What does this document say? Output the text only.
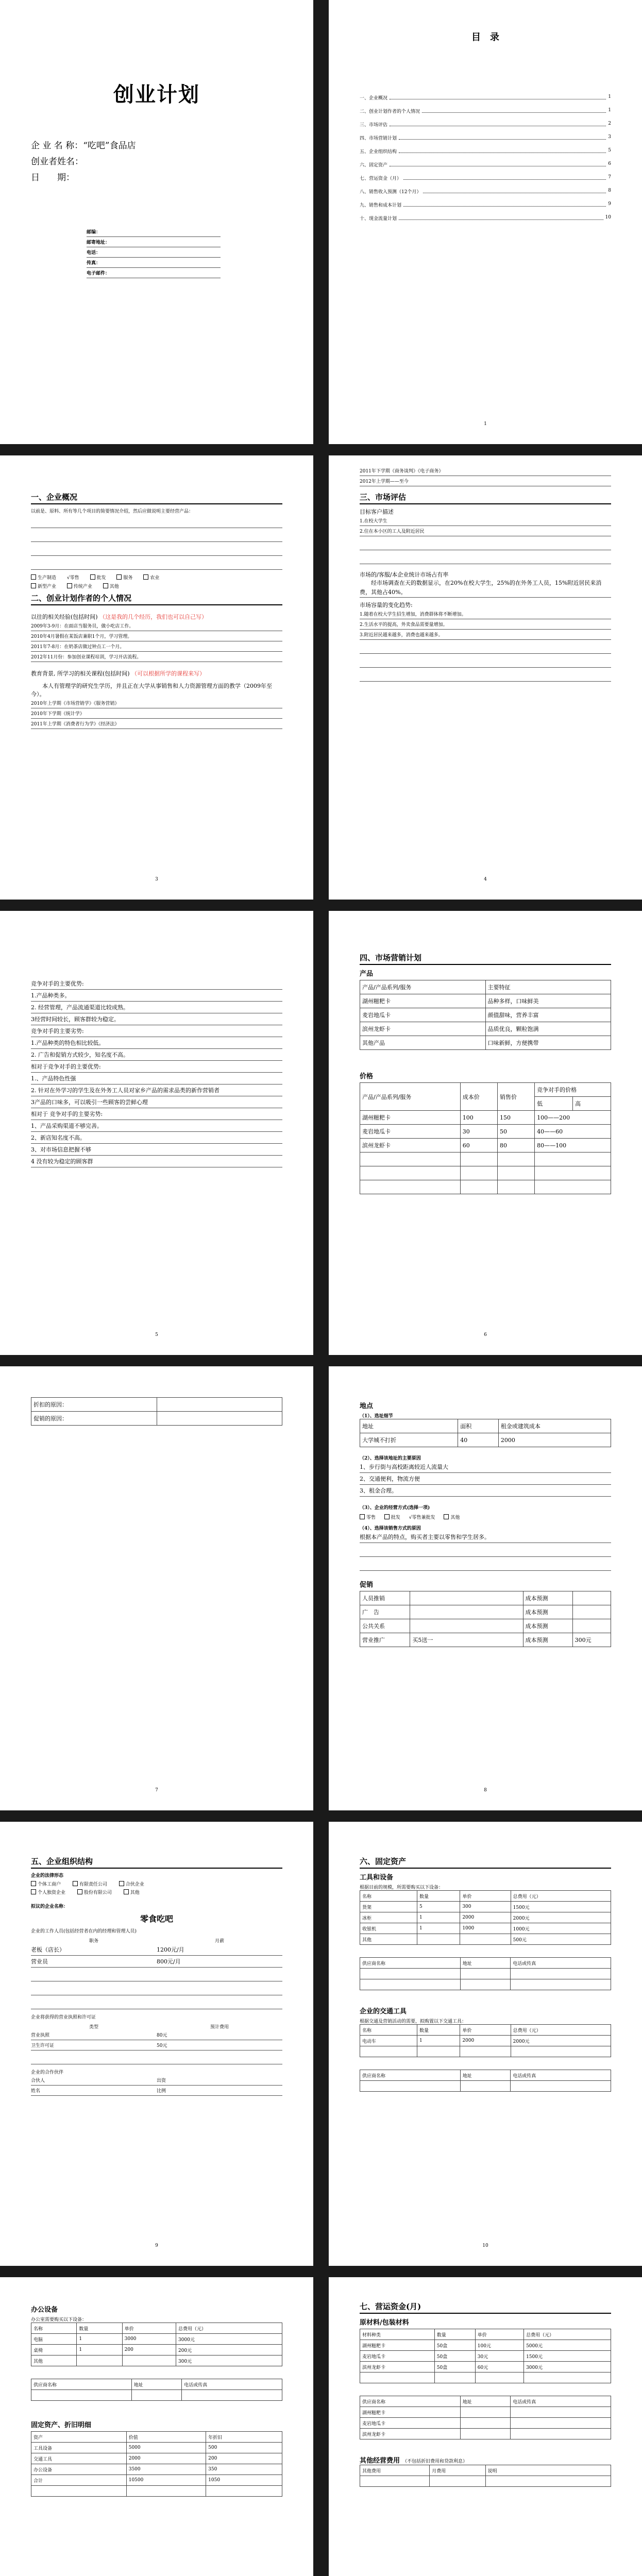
创业计划
企 业 名 称：“吃吧”食品店
创业者姓名：
日　　期：
邮编：
邮寄地址：
电话：
传真：
电子邮件：
目　录
一、企业概况	1
二、创业计划作者的个人情况	1
三、市场评估	2
四、市场营销计划	3
五、企业组织结构	5
六、固定资产	6
七、营运资金（月）	7
八、销售收入预测（12个月）	8
九、销售和成本计划	9
十、现金流量计划	10
1
一、企业概况
以前是、原料、所有等几个项目的简要情况介绍，然后应做说明主要经营产品：
生产制造 √零售	批发	服务	农业
新型产业	传统产业	其他
二、创业计划作者的个人情况
以往的相关经验(包括时间) （这是我的几个经历，我们也可以自己写）
2009年3-9月：在面店当服务员，做小吃店工作。
2010年4月暑假在某饭店兼职1个月，学习管理。
2011年7-8月：在奶茶店做过钟点工一个月。
2012年11月份：参加创业课程培训，学习开店流程。
教育背景, 所学习的相关课程(包括时间) （可以根据所学的课程来写）
本人有管理学的研究生学历，并且正在大学从事销售和人力资源管理方面的教学（2009年至今）。
2010年上学期《市场营销学》《服务营销》
2010年下学期《统计学》
2011年上学期《消费者行为学》《经济法》
3
2011年下学期《商务谈判》《电子商务》
2012年上学期——至今
三、市场评估
目标客户描述
1.在校大学生
2.住在本小区的工人及附近居民
市场的/客服/本企业统计市场占有率
经市场调查在天的数据显示，在20%在校大学生，25%的在外务工人员，15%附近居民来消费，其他占40%。
市场容量的变化趋势:
1.随着在校大学生招生增加，消费群体将不断增加。
2.生活水平的提高，外卖食品需要量增加。
3.附近居民越来越多，消费也越来越多。
4
竞争对手的主要优势:
1.产品种类多。
2. 经营管理，产品流通渠道比较成熟。
3经营时间较长，顾客群较为稳定。
竞争对手的主要劣势:
1.产品种类的特色相比较低。
2. 广告和促销方式较少，知名度不高。
相对于竞争对手的主要优势:
1.、产品特色性强
2. 针对在外学习的学生及在外务工人员对家乡产品的需求品类的新作营销者
3产品的口味多，可以吸引一些顾客的尝鲜心理
相对于 竞争对手的主要劣势:
1、产品采购渠道不够完善。
2、新店知名度不高。
3、对市场信息把握不够
4 没有较为稳定的顾客群
5
四、市场营销计划
产品
产品/产品系列/服务	主要特征
湖州糍粑卡	品种多样，口味鲜美
麦岩地瓜卡	颜值甜味，营养丰富
滨州龙虾卡	品质优良，颗粒饱满
其他产品	口味新鲜，方便携带
价格
产品/产品系列/服务	成本价	销售价	竞争对手的价格	
			低	高
湖州糍粑卡	100	150	100——200	
麦岩地瓜卡	30	50	40——60	
滨州龙虾卡	60	80	80——100	

6
折扣的原因：	
促销的原因：	
7
地点
（1）、选址细节
地址	面积	租金或建筑成本
大学城不打折	40	2000
（2）、选择该地址的主要原因
1、步行街与高校距离较近人流量大
2、交通便利，物流方便
3、租金合理。
（3）、企业的经营方式(选择一项)
零售	批发 √零售兼批发	其他
（4）、选择该销售方式的原因
根据本产品的特点，购买者主要以零售和学生居多。
促销
人员推销		成本预测	
广　告		成本预测	
公共关系		成本预测	
营业推广	买5送一	成本预测	300元
8
五、企业组织结构
企业的法律形态
个体工商户	有限责任公司	合伙企业
个人独资企业	股份有限公司	其他
拟议的企业名称：
零食吃吧
企业的工作人员(包括经营者在内的经理和管理人员)
职务	月薪
老板（店长）	1200元/月
营业员	800元/月
企业将获得的营业执照和许可证
类型	预计费用
营业执照	80元
卫生许可证	50元
企业的合作伙伴
合伙人	出资
姓名	比例
9
六、固定资产
工具和设备
根据目前的规模，所需要购买以下设备：
名称	数量	单价	总费用（元）
货架	5	300	1500元
冰柜	1	2000	2000元
收银机	1	1000	1000元
其他			500元
供应商名称	地址	电话或传真

企业的交通工具
根据交通及营销活动的需要，拟购置以下交通工具：
名称	数量	单价	总费用（元）
电动车	1	2000	2000元

供应商名称	地址	电话或传真

10
办公设备
办公室需要购买以下设备：
名称	数量	单价	总费用（元）
电脑	1	3000	3000元
桌椅	1	200	200元
其他			300元
供应商名称	地址	电话或传真

固定资产、折旧明细
资产	价值	年折旧
工具设备	5000	500
交通工具	2000	200
办公设备	3500	350
合计	10500	1050

七、营运资金(月)
原材料/包装材料
材料种类	数量	单价	总费用（元）
湖州糍粑卡	50盒	100元	5000元
麦岩地瓜卡	50盒	30元	1500元
滨州龙虾卡	50盒	60元	3000元

供应商名称	地址	电话或传真
湖州糍粑卡		
麦岩地瓜卡		
滨州龙虾卡		
其他经营费用 （不包括折旧费用和贷款利息）
其他费用	月费用	说明
